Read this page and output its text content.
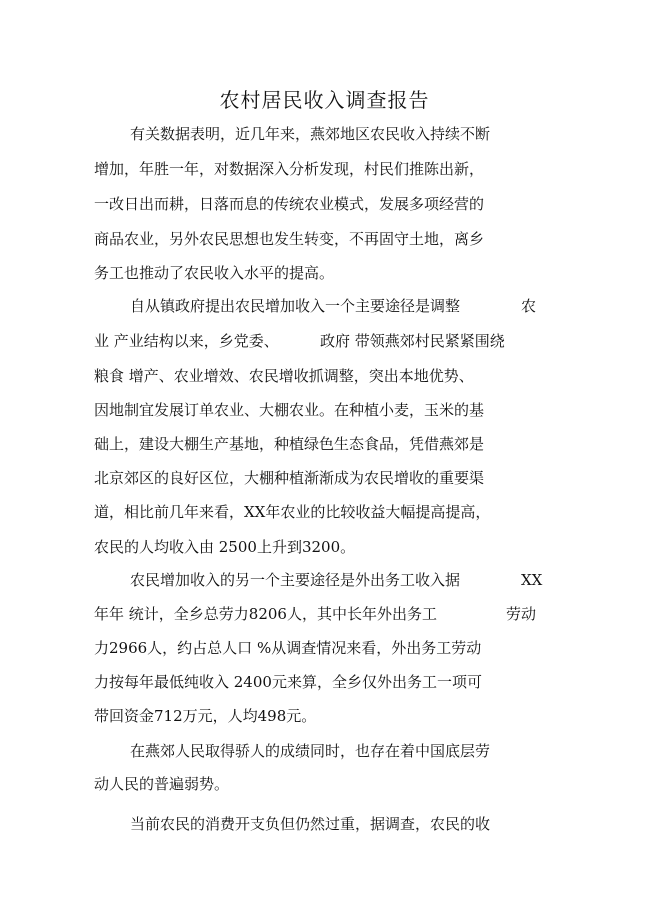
农村居民收入调查报告
有关数据表明，近几年来，燕郊地区农民收入持续不断
增加，年胜一年，对数据深入分析发现，村民们推陈出新，
一改日出而耕，日落而息的传统农业模式，发展多项经营的
商品农业，另外农民思想也发生转变，不再固守土地，离乡
务工也推动了农民收入水平的提高。
自从镇政府提出农民增加收入一个主要途径是调整	农
业 产业结构以来，乡党委、	政府 带领燕郊村民紧紧围绕
粮食 增产、农业增效、农民增收抓调整，突出本地优势、
因地制宜发展订单农业、大棚农业。在种植小麦，玉米的基
础上，建设大棚生产基地，种植绿色生态食品，凭借燕郊是
北京郊区的良好区位，大棚种植渐渐成为农民增收的重要渠
道，相比前几年来看，XX年农业的比较收益大幅提高提高，
农民的人均收入由 2500上升到3200。
农民增加收入的另一个主要途径是外出务工收入据	XX
年年 统计，全乡总劳力8206人，其中长年外出务工	劳动
力2966人，约占总人口 %从调查情况来看，外出务工劳动
力按每年最低纯收入 2400元来算，全乡仅外出务工一项可
带回资金712万元，人均498元。
在燕郊人民取得骄人的成绩同时，也存在着中国底层劳
动人民的普遍弱势。
当前农民的消费开支负但仍然过重，据调查，农民的收
